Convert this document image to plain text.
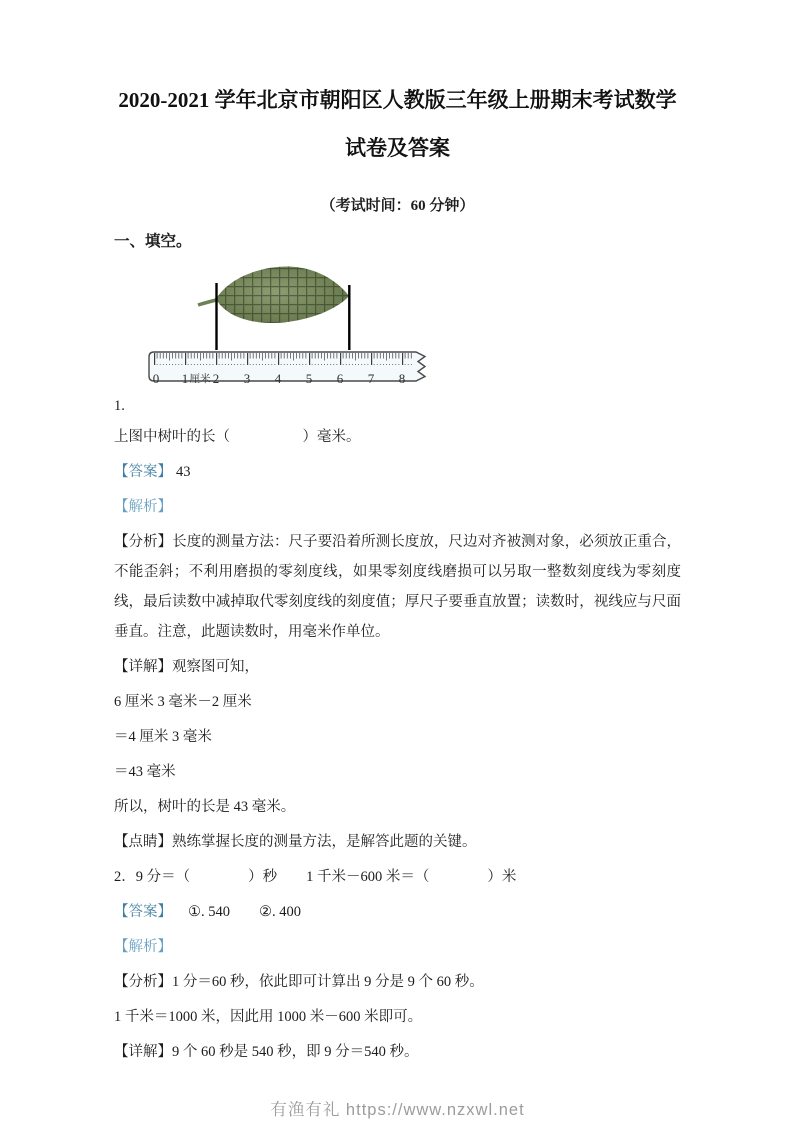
2020-2021 学年北京市朝阳区人教版三年级上册期末考试数学试卷及答案
（考试时间：60 分钟）
一、填空。
0 1 厘米 2 3 4 5 6 7 8

1.

上图中树叶的长（　　　　　）毫米。

【答案】 43

【解析】

【分析】长度的测量方法：尺子要沿着所测长度放，尺边对齐被测对象，必须放正重合，不能歪斜；不利用磨损的零刻度线，如果零刻度线磨损可以另取一整数刻度线为零刻度线，最后读数中减掉取代零刻度线的刻度值；厚尺子要垂直放置；读数时，视线应与尺面垂直。注意，此题读数时，用毫米作单位。

【详解】观察图可知，

6 厘米 3 毫米－2 厘米

＝4 厘米 3 毫米

＝43 毫米

所以，树叶的长是 43 毫米。

【点睛】熟练掌握长度的测量方法，是解答此题的关键。

2．9 分＝（　　　　）秒　　1 千米－600 米＝（　　　　）米

【答案】 ①. 540　　②. 400

【解析】

【分析】1 分＝60 秒，依此即可计算出 9 分是 9 个 60 秒。

1 千米＝1000 米，因此用 1000 米－600 米即可。

【详解】9 个 60 秒是 540 秒，即 9 分＝540 秒。

有渔有礼 https://www.nzxwl.net
